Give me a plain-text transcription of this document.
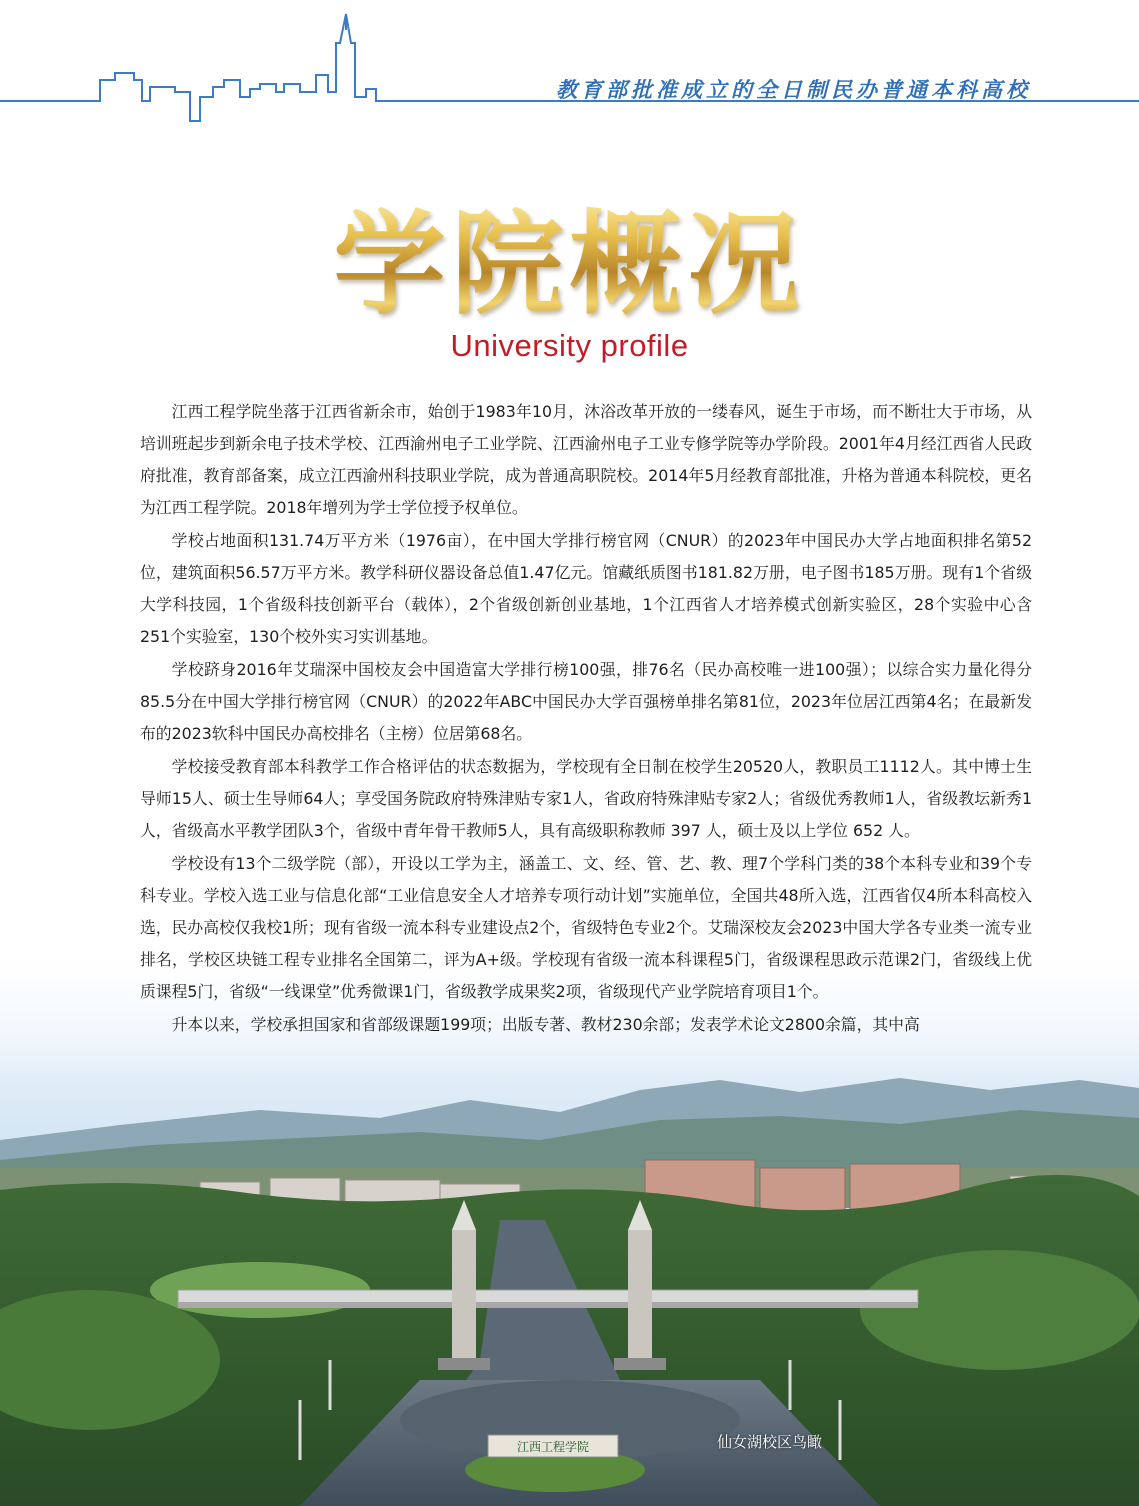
教育部批准成立的全日制民办普通本科高校
学院概况
University profile
江西工程学院

江西工程学院坐落于江西省新余市，始创于1983年10月，沐浴改革开放的一缕春风，诞生于市场，而不断壮大于市场，从培训班起步到新余电子技术学校、江西渝州电子工业学院、江西渝州电子工业专修学院等办学阶段。2001年4月经江西省人民政府批准，教育部备案，成立江西渝州科技职业学院，成为普通高职院校。2014年5月经教育部批准，升格为普通本科院校，更名为江西工程学院。2018年增列为学士学位授予权单位。

学校占地面积131.74万平方米（1976亩），在中国大学排行榜官网（CNUR）的2023年中国民办大学占地面积排名第52位，建筑面积56.57万平方米。教学科研仪器设备总值1.47亿元。馆藏纸质图书181.82万册，电子图书185万册。现有1个省级大学科技园，1个省级科技创新平台（载体），2个省级创新创业基地，1个江西省人才培养模式创新实验区，28个实验中心含251个实验室，130个校外实习实训基地。

学校跻身2016年艾瑞深中国校友会中国造富大学排行榜100强，排76名（民办高校唯一进100强）；以综合实力量化得分85.5分在中国大学排行榜官网（CNUR）的2022年ABC中国民办大学百强榜单排名第81位，2023年位居江西第4名；在最新发布的2023软科中国民办高校排名（主榜）位居第68名。

学校接受教育部本科教学工作合格评估的状态数据为，学校现有全日制在校学生20520人，教职员工1112人。其中博士生导师15人、硕士生导师64人；享受国务院政府特殊津贴专家1人，省政府特殊津贴专家2人；省级优秀教师1人，省级教坛新秀1人，省级高水平教学团队3个，省级中青年骨干教师5人，具有高级职称教师 397 人，硕士及以上学位 652 人。

学校设有13个二级学院（部），开设以工学为主，涵盖工、文、经、管、艺、教、理7个学科门类的38个本科专业和39个专科专业。学校入选工业与信息化部“工业信息安全人才培养专项行动计划”实施单位，全国共48所入选，江西省仅4所本科高校入选，民办高校仅我校1所；现有省级一流本科专业建设点2个，省级特色专业2个。艾瑞深校友会2023中国大学各专业类一流专业排名，学校区块链工程专业排名全国第二，评为A+级。学校现有省级一流本科课程5门，省级课程思政示范课2门，省级线上优质课程5门，省级“一线课堂”优秀微课1门，省级教学成果奖2项，省级现代产业学院培育项目1个。

升本以来，学校承担国家和省部级课题199项；出版专著、教材230余部；发表学术论文2800余篇，其中高

仙女湖校区鸟瞰
